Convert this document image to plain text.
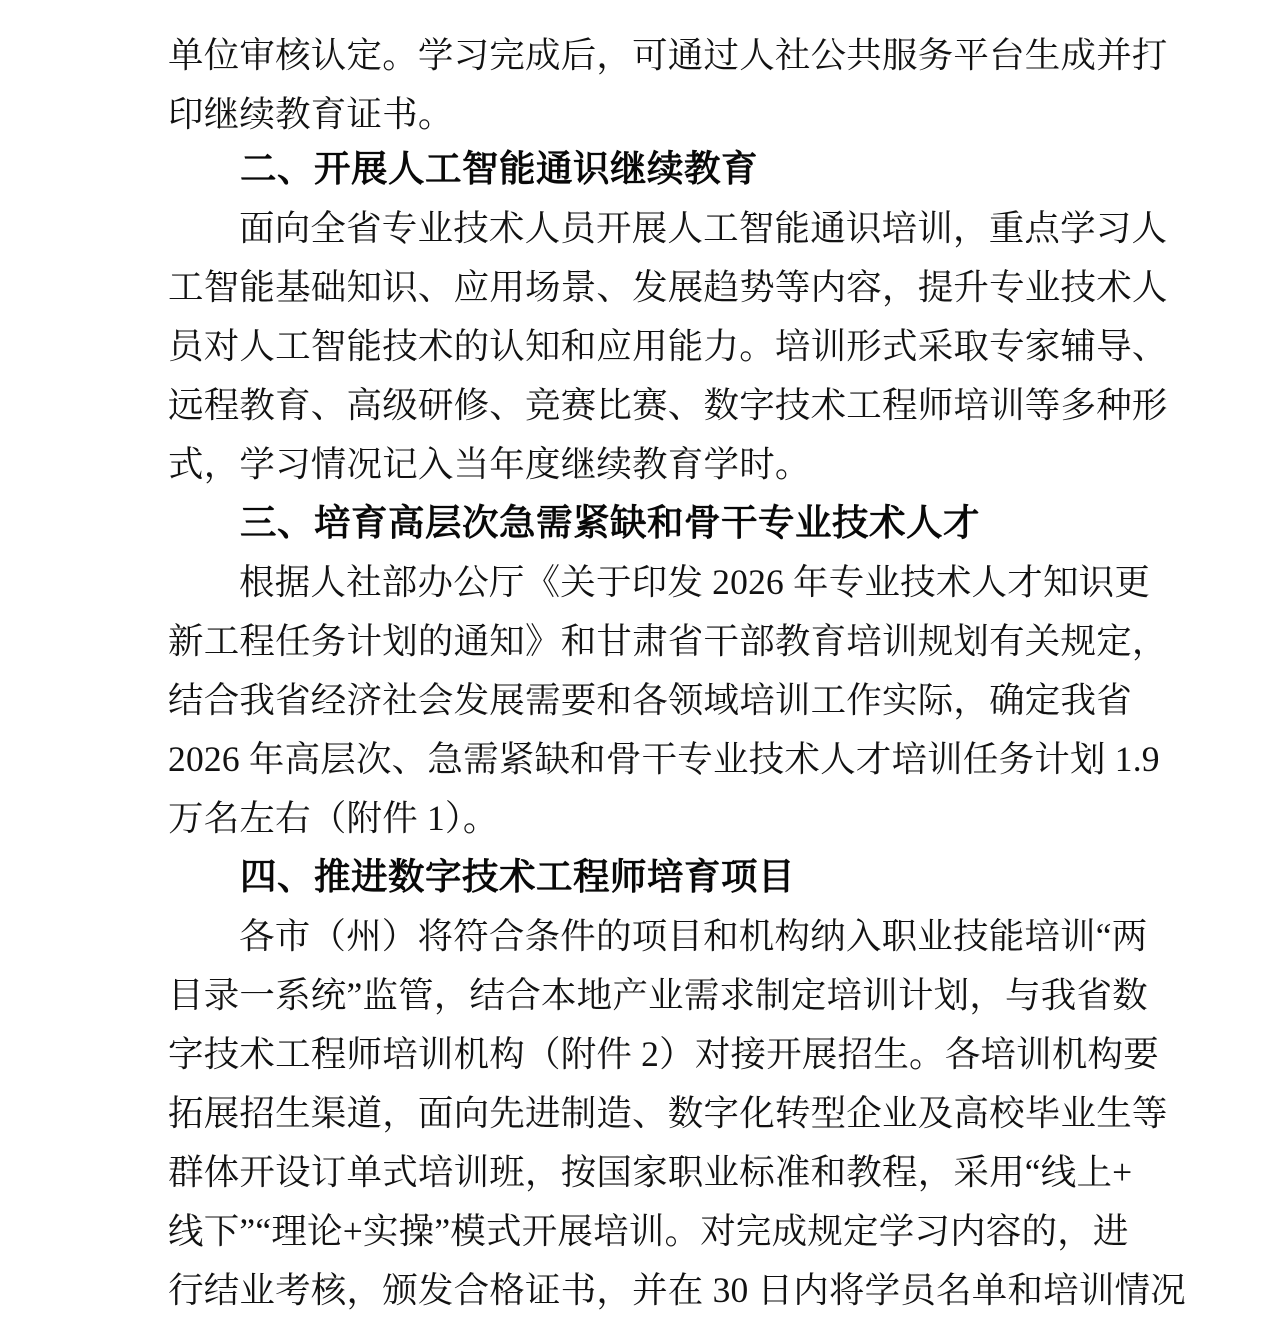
单位审核认定。学习完成后，可通过人社公共服务平台生成并打
印继续教育证书。
二、开展人工智能通识继续教育
面向全省专业技术人员开展人工智能通识培训，重点学习人
工智能基础知识、应用场景、发展趋势等内容，提升专业技术人
员对人工智能技术的认知和应用能力。培训形式采取专家辅导、
远程教育、高级研修、竞赛比赛、数字技术工程师培训等多种形
式，学习情况记入当年度继续教育学时。
三、培育高层次急需紧缺和骨干专业技术人才
根据人社部办公厅《关于印发 2026 年专业技术人才知识更
新工程任务计划的通知》和甘肃省干部教育培训规划有关规定，
结合我省经济社会发展需要和各领域培训工作实际，确定我省
2026 年高层次、急需紧缺和骨干专业技术人才培训任务计划 1.9
万名左右（附件 1）。
四、推进数字技术工程师培育项目
各市（州）将符合条件的项目和机构纳入职业技能培训“两
目录一系统”监管，结合本地产业需求制定培训计划，与我省数
字技术工程师培训机构（附件 2）对接开展招生。各培训机构要
拓展招生渠道，面向先进制造、数字化转型企业及高校毕业生等
群体开设订单式培训班，按国家职业标准和教程，采用“线上+
线下”“理论+实操”模式开展培训。对完成规定学习内容的，进
行结业考核，颁发合格证书，并在 30 日内将学员名单和培训情况
